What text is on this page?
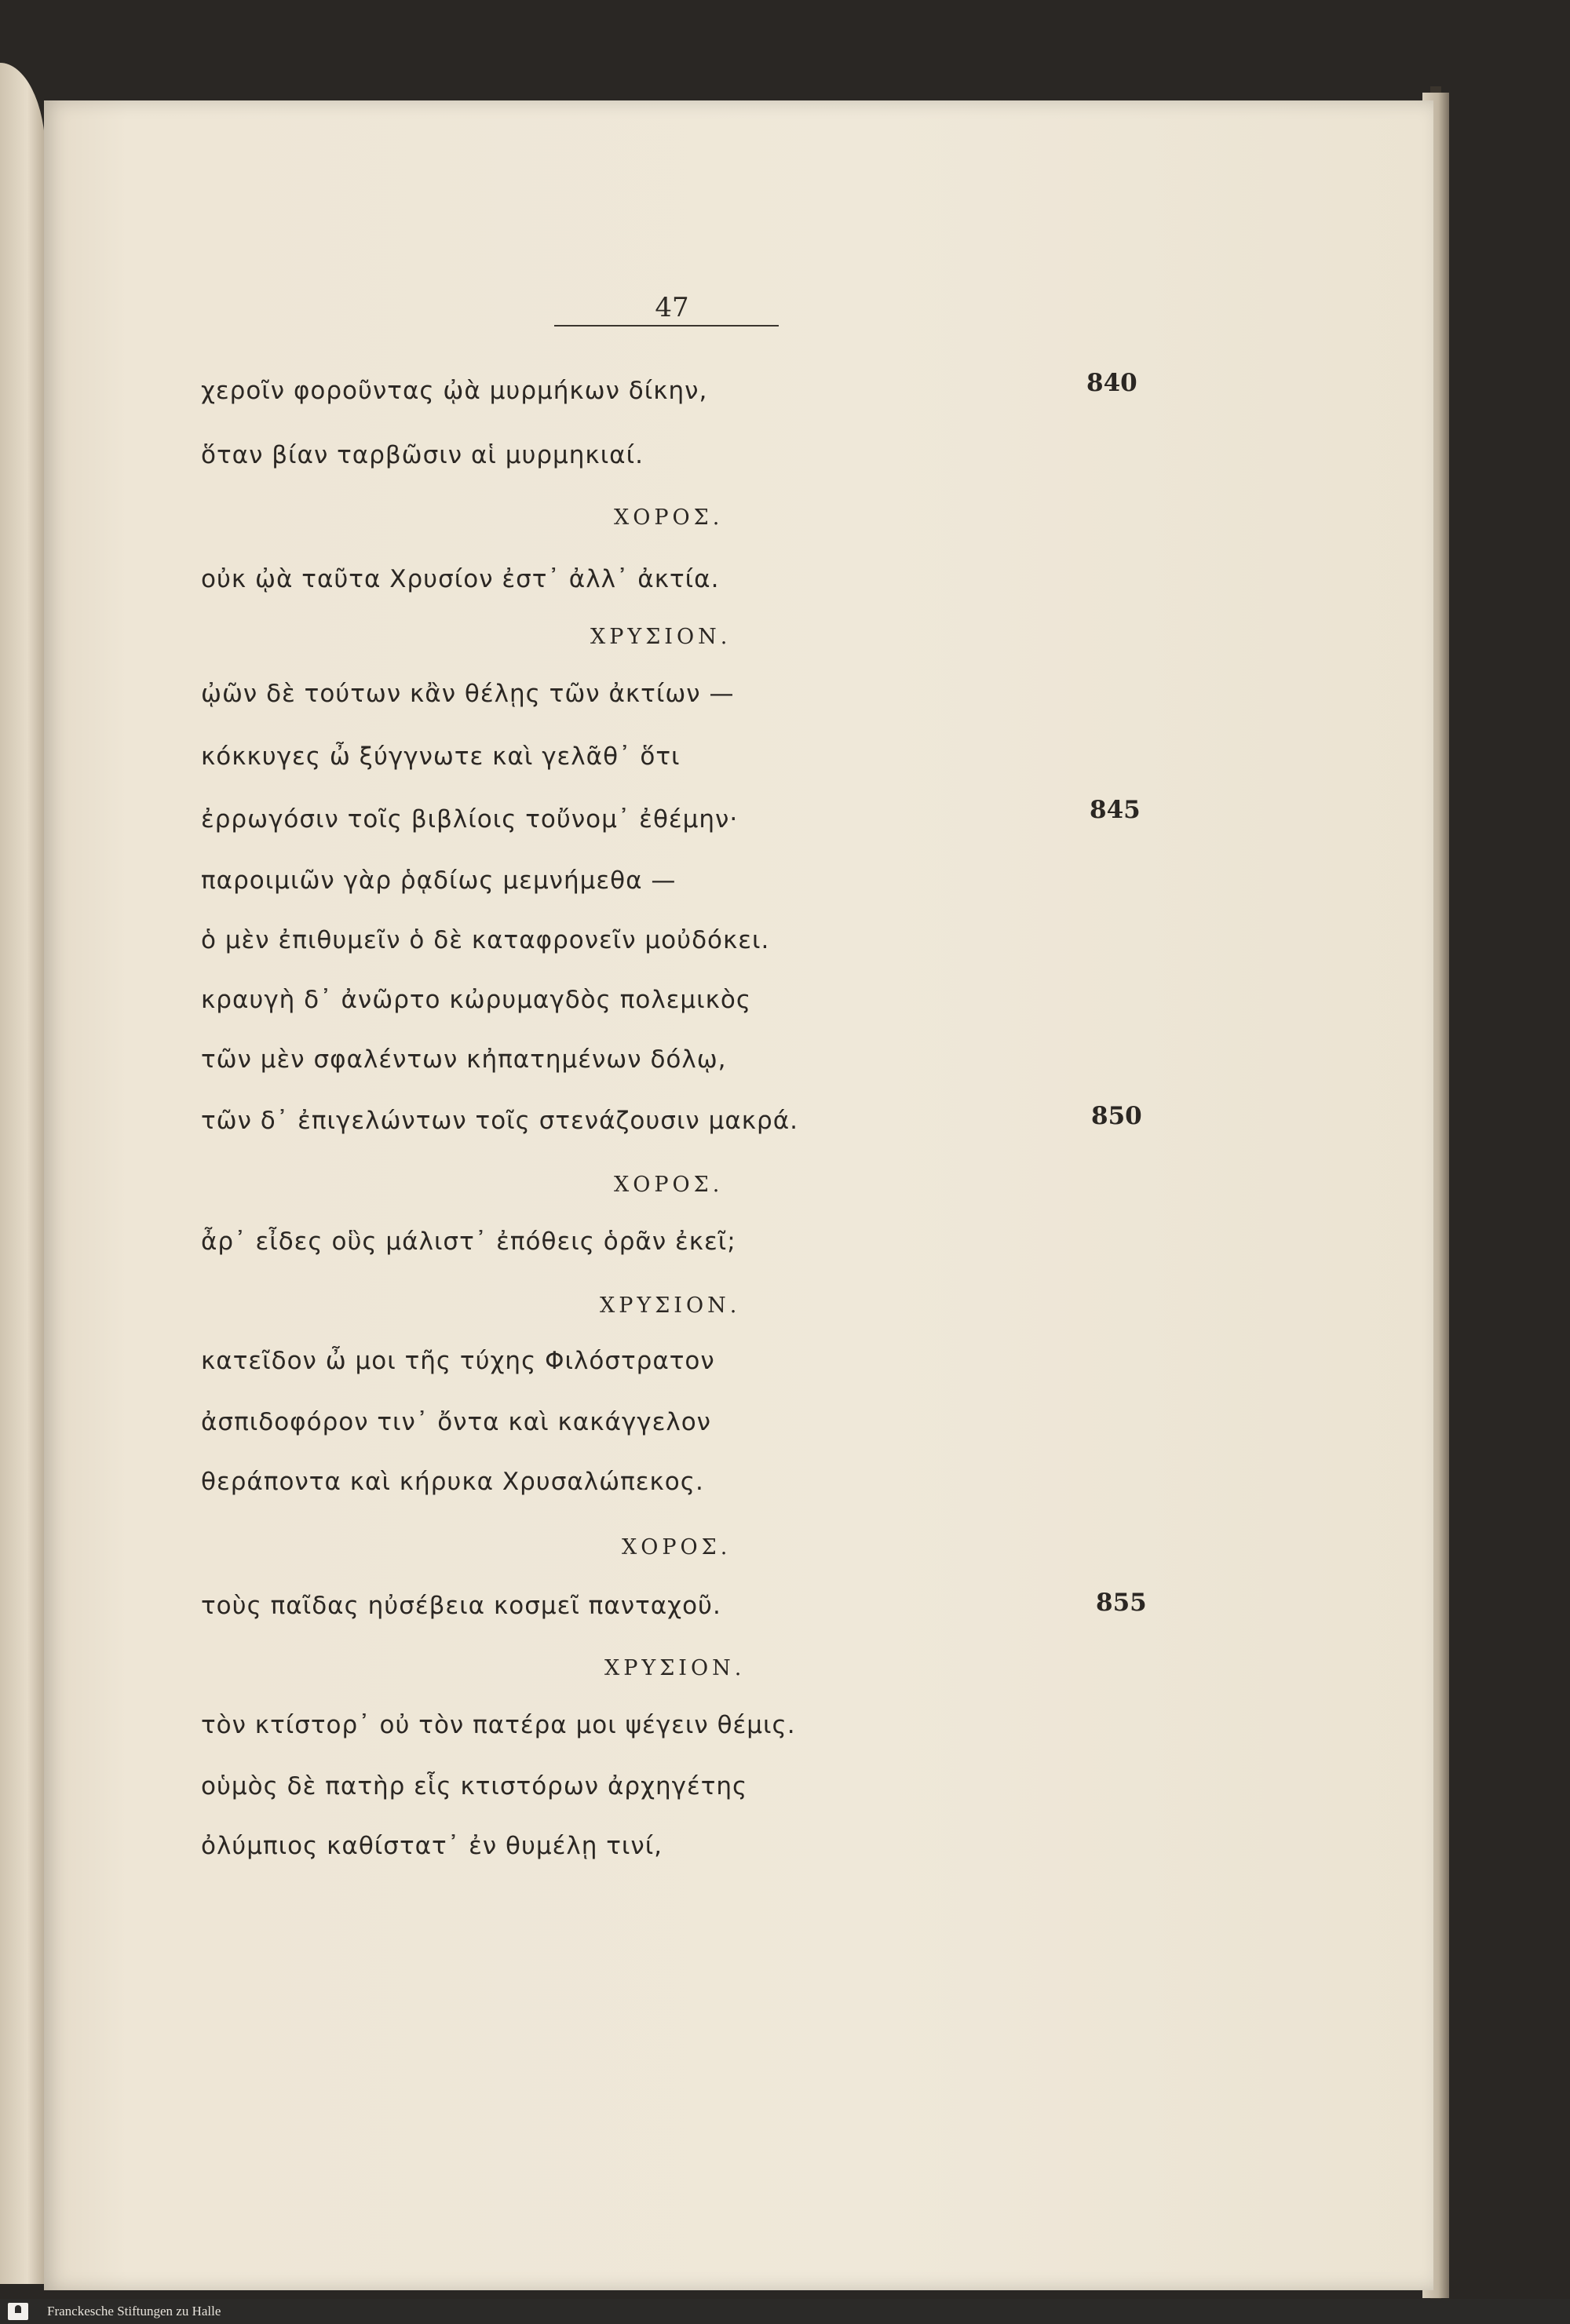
47
χεροῖν φοροῦντας ᾠὰ μυρμήκων δίκην,	840
ὅταν βίαν ταρβῶσιν αἱ μυρμηκιαί.
ΧΟΡΟΣ.
οὐκ ᾠὰ ταῦτα Χρυσίον ἐστ᾽ ἀλλ᾽ ἀκτία.
ΧΡΥΣΙΟΝ.
ᾠῶν δὲ τούτων κἂν θέλῃς τῶν ἀκτίων —
κόκκυγες ὦ ξύγγνωτε καὶ γελᾶθ᾽ ὅτι
ἐρρωγόσιν τοῖς βιβλίοις τοὔνομ᾽ ἐθέμην·	845
παροιμιῶν γὰρ ῥᾳδίως μεμνήμεθα —
ὁ μὲν ἐπιθυμεῖν ὁ δὲ καταφρονεῖν μοὐδόκει.
κραυγὴ δ᾽ ἀνῶρτο κὠρυμαγδὸς πολεμικὸς
τῶν μὲν σφαλέντων κἠπατημένων δόλῳ,
τῶν δ᾽ ἐπιγελώντων τοῖς στενάζουσιν μακρά.	850
ΧΟΡΟΣ.
ἆρ᾽ εἶδες οὓς μάλιστ᾽ ἐπόθεις ὁρᾶν ἐκεῖ;
ΧΡΥΣΙΟΝ.
κατεῖδον ὦ μοι τῆς τύχης Φιλόστρατον
ἀσπιδοφόρον τιν᾽ ὄντα καὶ κακάγγελον
θεράποντα καὶ κήρυκα Χρυσαλώπεκος.
ΧΟΡΟΣ.
τοὺς παῖδας ηὐσέβεια κοσμεῖ πανταχοῦ.	855
ΧΡΥΣΙΟΝ.
τὸν κτίστορ᾽ οὐ τὸν πατέρα μοι ψέγειν θέμις.
οὑμὸς δὲ πατὴρ εἷς κτιστόρων ἀρχηγέτης
ὀλύμπιος καθίστατ᾽ ἐν θυμέλῃ τινί,
Franckesche Stiftungen zu Halle
